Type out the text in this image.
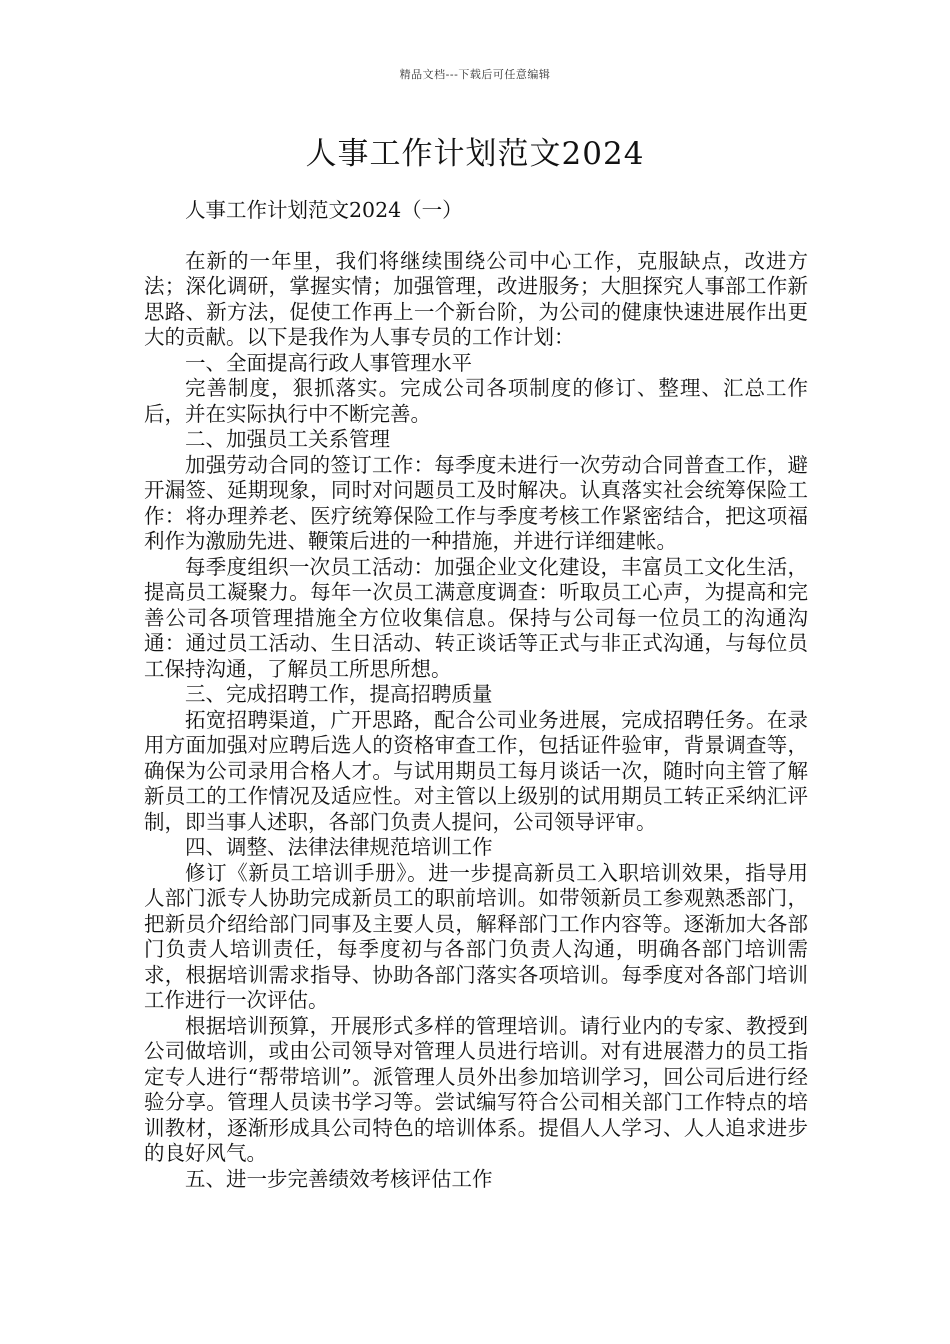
精品文档---下载后可任意编辑
人事工作计划范文2024

人事工作计划范文2024（一）

在新的一年里，我们将继续围绕公司中心工作，克服缺点，改进方法；深化调研，掌握实情；加强管理，改进服务；大胆探究人事部工作新思路、新方法，促使工作再上一个新台阶，为公司的健康快速进展作出更大的贡献。以下是我作为人事专员的工作计划：

一、全面提高行政人事管理水平

完善制度，狠抓落实。完成公司各项制度的修订、整理、汇总工作后，并在实际执行中不断完善。

二、加强员工关系管理

加强劳动合同的签订工作：每季度未进行一次劳动合同普查工作，避开漏签、延期现象，同时对问题员工及时解决。认真落实社会统筹保险工作：将办理养老、医疗统筹保险工作与季度考核工作紧密结合，把这项福利作为激励先进、鞭策后进的一种措施，并进行详细建帐。

每季度组织一次员工活动：加强企业文化建设，丰富员工文化生活，提高员工凝聚力。每年一次员工满意度调查：听取员工心声，为提高和完善公司各项管理措施全方位收集信息。保持与公司每一位员工的沟通沟通：通过员工活动、生日活动、转正谈话等正式与非正式沟通，与每位员工保持沟通，了解员工所思所想。

三、完成招聘工作，提高招聘质量

拓宽招聘渠道，广开思路，配合公司业务进展，完成招聘任务。在录用方面加强对应聘后选人的资格审查工作，包括证件验审，背景调查等，确保为公司录用合格人才。与试用期员工每月谈话一次，随时向主管了解新员工的工作情况及适应性。对主管以上级别的试用期员工转正采纳汇评制，即当事人述职，各部门负责人提问，公司领导评审。

四、调整、法律法律规范培训工作

修订《新员工培训手册》。进一步提高新员工入职培训效果，指导用人部门派专人协助完成新员工的职前培训。如带领新员工参观熟悉部门，把新员介绍给部门同事及主要人员，解释部门工作内容等。逐渐加大各部门负责人培训责任，每季度初与各部门负责人沟通，明确各部门培训需求，根据培训需求指导、协助各部门落实各项培训。每季度对各部门培训工作进行一次评估。

根据培训预算，开展形式多样的管理培训。请行业内的专家、教授到公司做培训，或由公司领导对管理人员进行培训。对有进展潜力的员工指定专人进行“帮带培训”。派管理人员外出参加培训学习，回公司后进行经验分享。管理人员读书学习等。尝试编写符合公司相关部门工作特点的培训教材，逐渐形成具公司特色的培训体系。提倡人人学习、人人追求进步的良好风气。

五、进一步完善绩效考核评估工作
